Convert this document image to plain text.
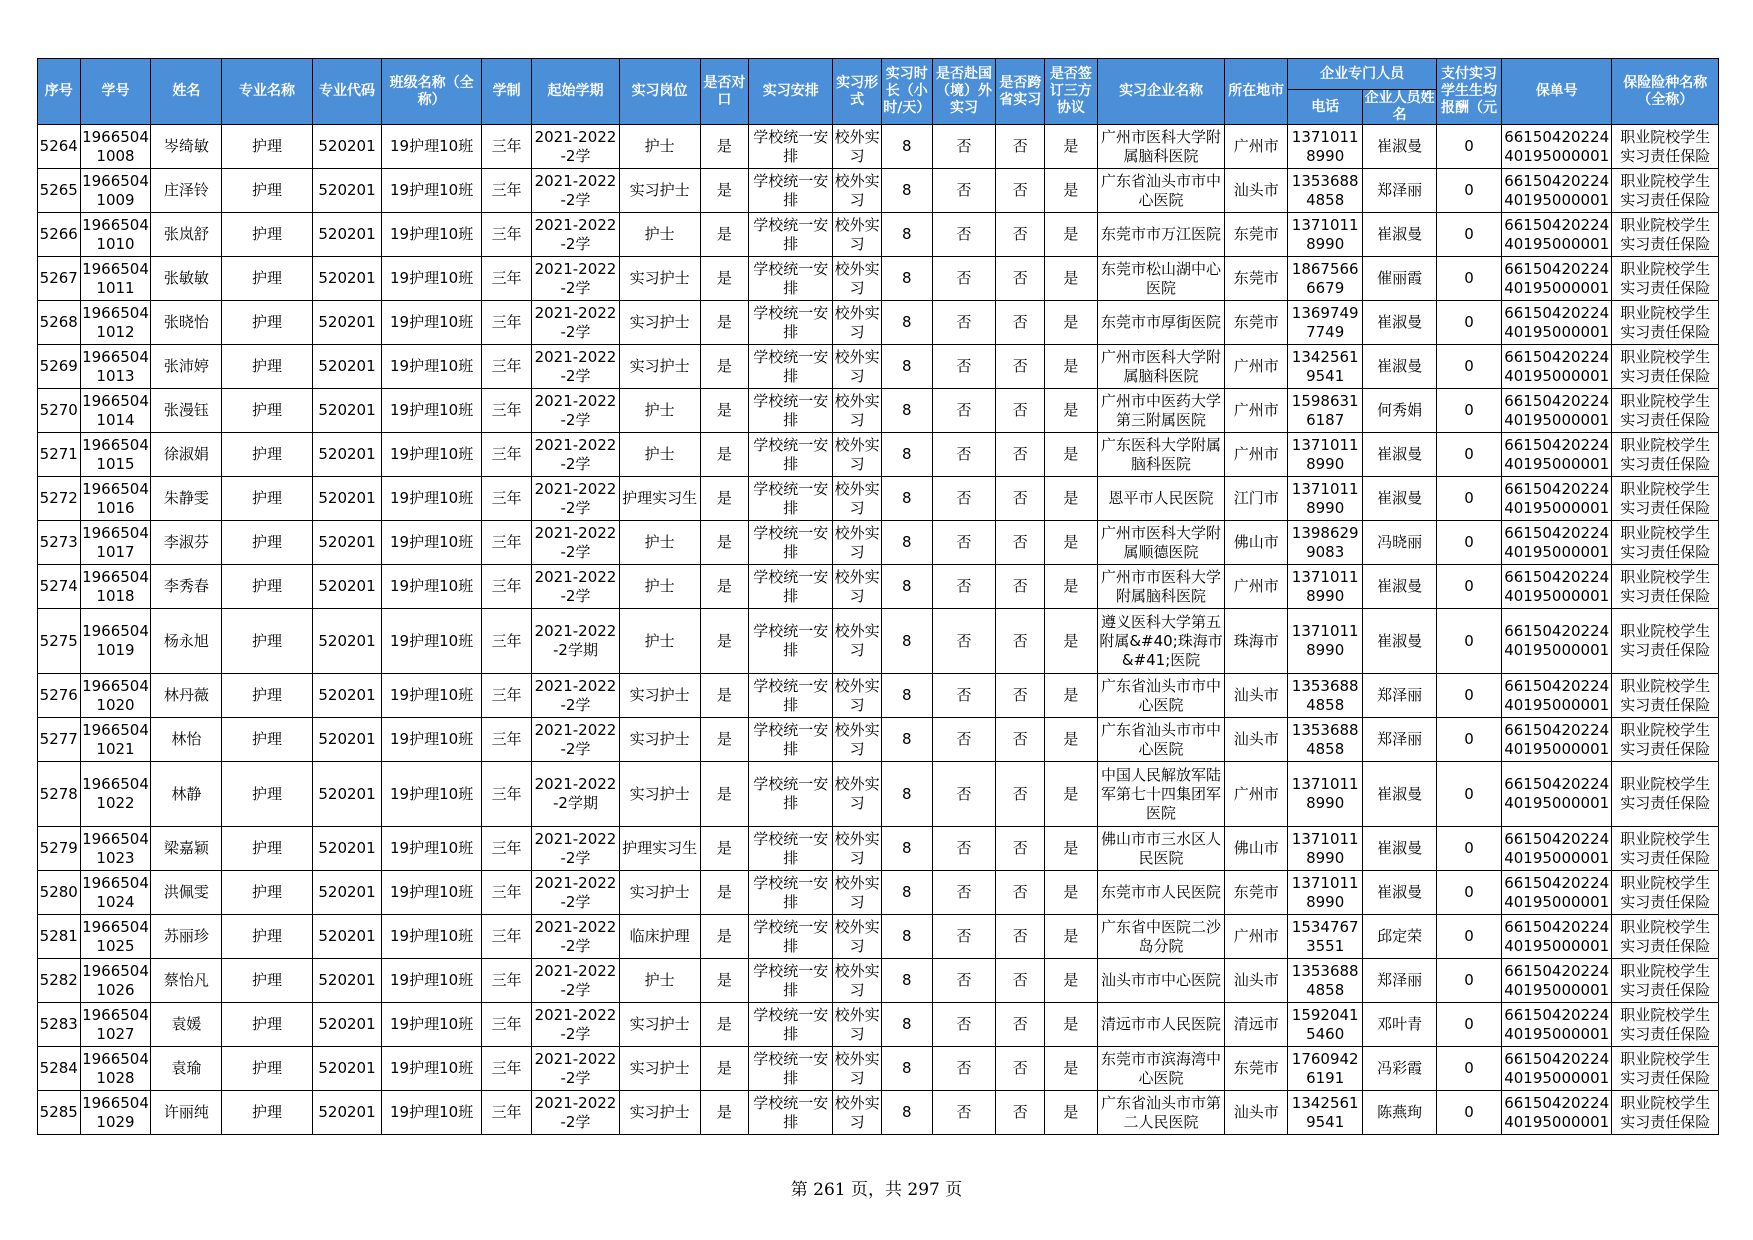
序号	学号	姓名	专业名称	专业代码	班级名称（全称）	学制	起始学期	实习岗位	是否对口	实习安排	实习形式	实习时长（小时/天）	是否赴国（境）外实习	是否跨省实习	是否签订三方协议	实习企业名称	所在地市	企业专门人员		支付实习学生生均报酬（元	保单号	保险险种名称（全称）
																		电话	企业人员姓名			
5264	19665041008	岑绮敏	护理	520201	19护理10班	三年	2021-2022-2学	护士	是	学校统一安排	校外实习	8	否	否	是	广州市医科大学附属脑科医院	广州市	13710118990	崔淑曼	0	6615042022440195000001	职业院校学生实习责任保险
5265	19665041009	庄泽铃	护理	520201	19护理10班	三年	2021-2022-2学	实习护士	是	学校统一安排	校外实习	8	否	否	是	广东省汕头市市中心医院	汕头市	13536884858	郑泽丽	0	6615042022440195000001	职业院校学生实习责任保险
5266	19665041010	张岚舒	护理	520201	19护理10班	三年	2021-2022-2学	护士	是	学校统一安排	校外实习	8	否	否	是	东莞市市万江医院	东莞市	13710118990	崔淑曼	0	6615042022440195000001	职业院校学生实习责任保险
5267	19665041011	张敏敏	护理	520201	19护理10班	三年	2021-2022-2学	实习护士	是	学校统一安排	校外实习	8	否	否	是	东莞市松山湖中心医院	东莞市	18675666679	催丽霞	0	6615042022440195000001	职业院校学生实习责任保险
5268	19665041012	张晓怡	护理	520201	19护理10班	三年	2021-2022-2学	实习护士	是	学校统一安排	校外实习	8	否	否	是	东莞市市厚街医院	东莞市	13697497749	崔淑曼	0	6615042022440195000001	职业院校学生实习责任保险
5269	19665041013	张沛婷	护理	520201	19护理10班	三年	2021-2022-2学	实习护士	是	学校统一安排	校外实习	8	否	否	是	广州市医科大学附属脑科医院	广州市	13425619541	崔淑曼	0	6615042022440195000001	职业院校学生实习责任保险
5270	19665041014	张漫钰	护理	520201	19护理10班	三年	2021-2022-2学	护士	是	学校统一安排	校外实习	8	否	否	是	广州市中医药大学第三附属医院	广州市	15986316187	何秀娟	0	6615042022440195000001	职业院校学生实习责任保险
5271	19665041015	徐淑娟	护理	520201	19护理10班	三年	2021-2022-2学	护士	是	学校统一安排	校外实习	8	否	否	是	广东医科大学附属脑科医院	广州市	13710118990	崔淑曼	0	6615042022440195000001	职业院校学生实习责任保险
5272	19665041016	朱静雯	护理	520201	19护理10班	三年	2021-2022-2学	护理实习生	是	学校统一安排	校外实习	8	否	否	是	恩平市人民医院	江门市	13710118990	崔淑曼	0	6615042022440195000001	职业院校学生实习责任保险
5273	19665041017	李淑芬	护理	520201	19护理10班	三年	2021-2022-2学	护士	是	学校统一安排	校外实习	8	否	否	是	广州市医科大学附属顺德医院	佛山市	13986299083	冯晓丽	0	6615042022440195000001	职业院校学生实习责任保险
5274	19665041018	李秀春	护理	520201	19护理10班	三年	2021-2022-2学	护士	是	学校统一安排	校外实习	8	否	否	是	广州市市医科大学附属脑科医院	广州市	13710118990	崔淑曼	0	6615042022440195000001	职业院校学生实习责任保险
5275	19665041019	杨永旭	护理	520201	19护理10班	三年	2021-2022-2学期	护士	是	学校统一安排	校外实习	8	否	否	是	遵义医科大学第五附属&#40;珠海市&#41;医院	珠海市	13710118990	崔淑曼	0	6615042022440195000001	职业院校学生实习责任保险
5276	19665041020	林丹薇	护理	520201	19护理10班	三年	2021-2022-2学	实习护士	是	学校统一安排	校外实习	8	否	否	是	广东省汕头市市中心医院	汕头市	13536884858	郑泽丽	0	6615042022440195000001	职业院校学生实习责任保险
5277	19665041021	林怡	护理	520201	19护理10班	三年	2021-2022-2学	实习护士	是	学校统一安排	校外实习	8	否	否	是	广东省汕头市市中心医院	汕头市	13536884858	郑泽丽	0	6615042022440195000001	职业院校学生实习责任保险
5278	19665041022	林静	护理	520201	19护理10班	三年	2021-2022-2学期	实习护士	是	学校统一安排	校外实习	8	否	否	是	中国人民解放军陆军第七十四集团军医院	广州市	13710118990	崔淑曼	0	6615042022440195000001	职业院校学生实习责任保险
5279	19665041023	梁嘉颖	护理	520201	19护理10班	三年	2021-2022-2学	护理实习生	是	学校统一安排	校外实习	8	否	否	是	佛山市市三水区人民医院	佛山市	13710118990	崔淑曼	0	6615042022440195000001	职业院校学生实习责任保险
5280	19665041024	洪佩雯	护理	520201	19护理10班	三年	2021-2022-2学	实习护士	是	学校统一安排	校外实习	8	否	否	是	东莞市市人民医院	东莞市	13710118990	崔淑曼	0	6615042022440195000001	职业院校学生实习责任保险
5281	19665041025	苏丽珍	护理	520201	19护理10班	三年	2021-2022-2学	临床护理	是	学校统一安排	校外实习	8	否	否	是	广东省中医院二沙岛分院	广州市	15347673551	邱定荣	0	6615042022440195000001	职业院校学生实习责任保险
5282	19665041026	蔡怡凡	护理	520201	19护理10班	三年	2021-2022-2学	护士	是	学校统一安排	校外实习	8	否	否	是	汕头市市中心医院	汕头市	13536884858	郑泽丽	0	6615042022440195000001	职业院校学生实习责任保险
5283	19665041027	袁媛	护理	520201	19护理10班	三年	2021-2022-2学	实习护士	是	学校统一安排	校外实习	8	否	否	是	清远市市人民医院	清远市	15920415460	邓叶青	0	6615042022440195000001	职业院校学生实习责任保险
5284	19665041028	袁瑜	护理	520201	19护理10班	三年	2021-2022-2学	实习护士	是	学校统一安排	校外实习	8	否	否	是	东莞市市滨海湾中心医院	东莞市	17609426191	冯彩霞	0	6615042022440195000001	职业院校学生实习责任保险
5285	19665041029	许丽纯	护理	520201	19护理10班	三年	2021-2022-2学	实习护士	是	学校统一安排	校外实习	8	否	否	是	广东省汕头市市第二人民医院	汕头市	13425619541	陈燕珣	0	6615042022440195000001	职业院校学生实习责任保险
第 261 页，共 297 页
